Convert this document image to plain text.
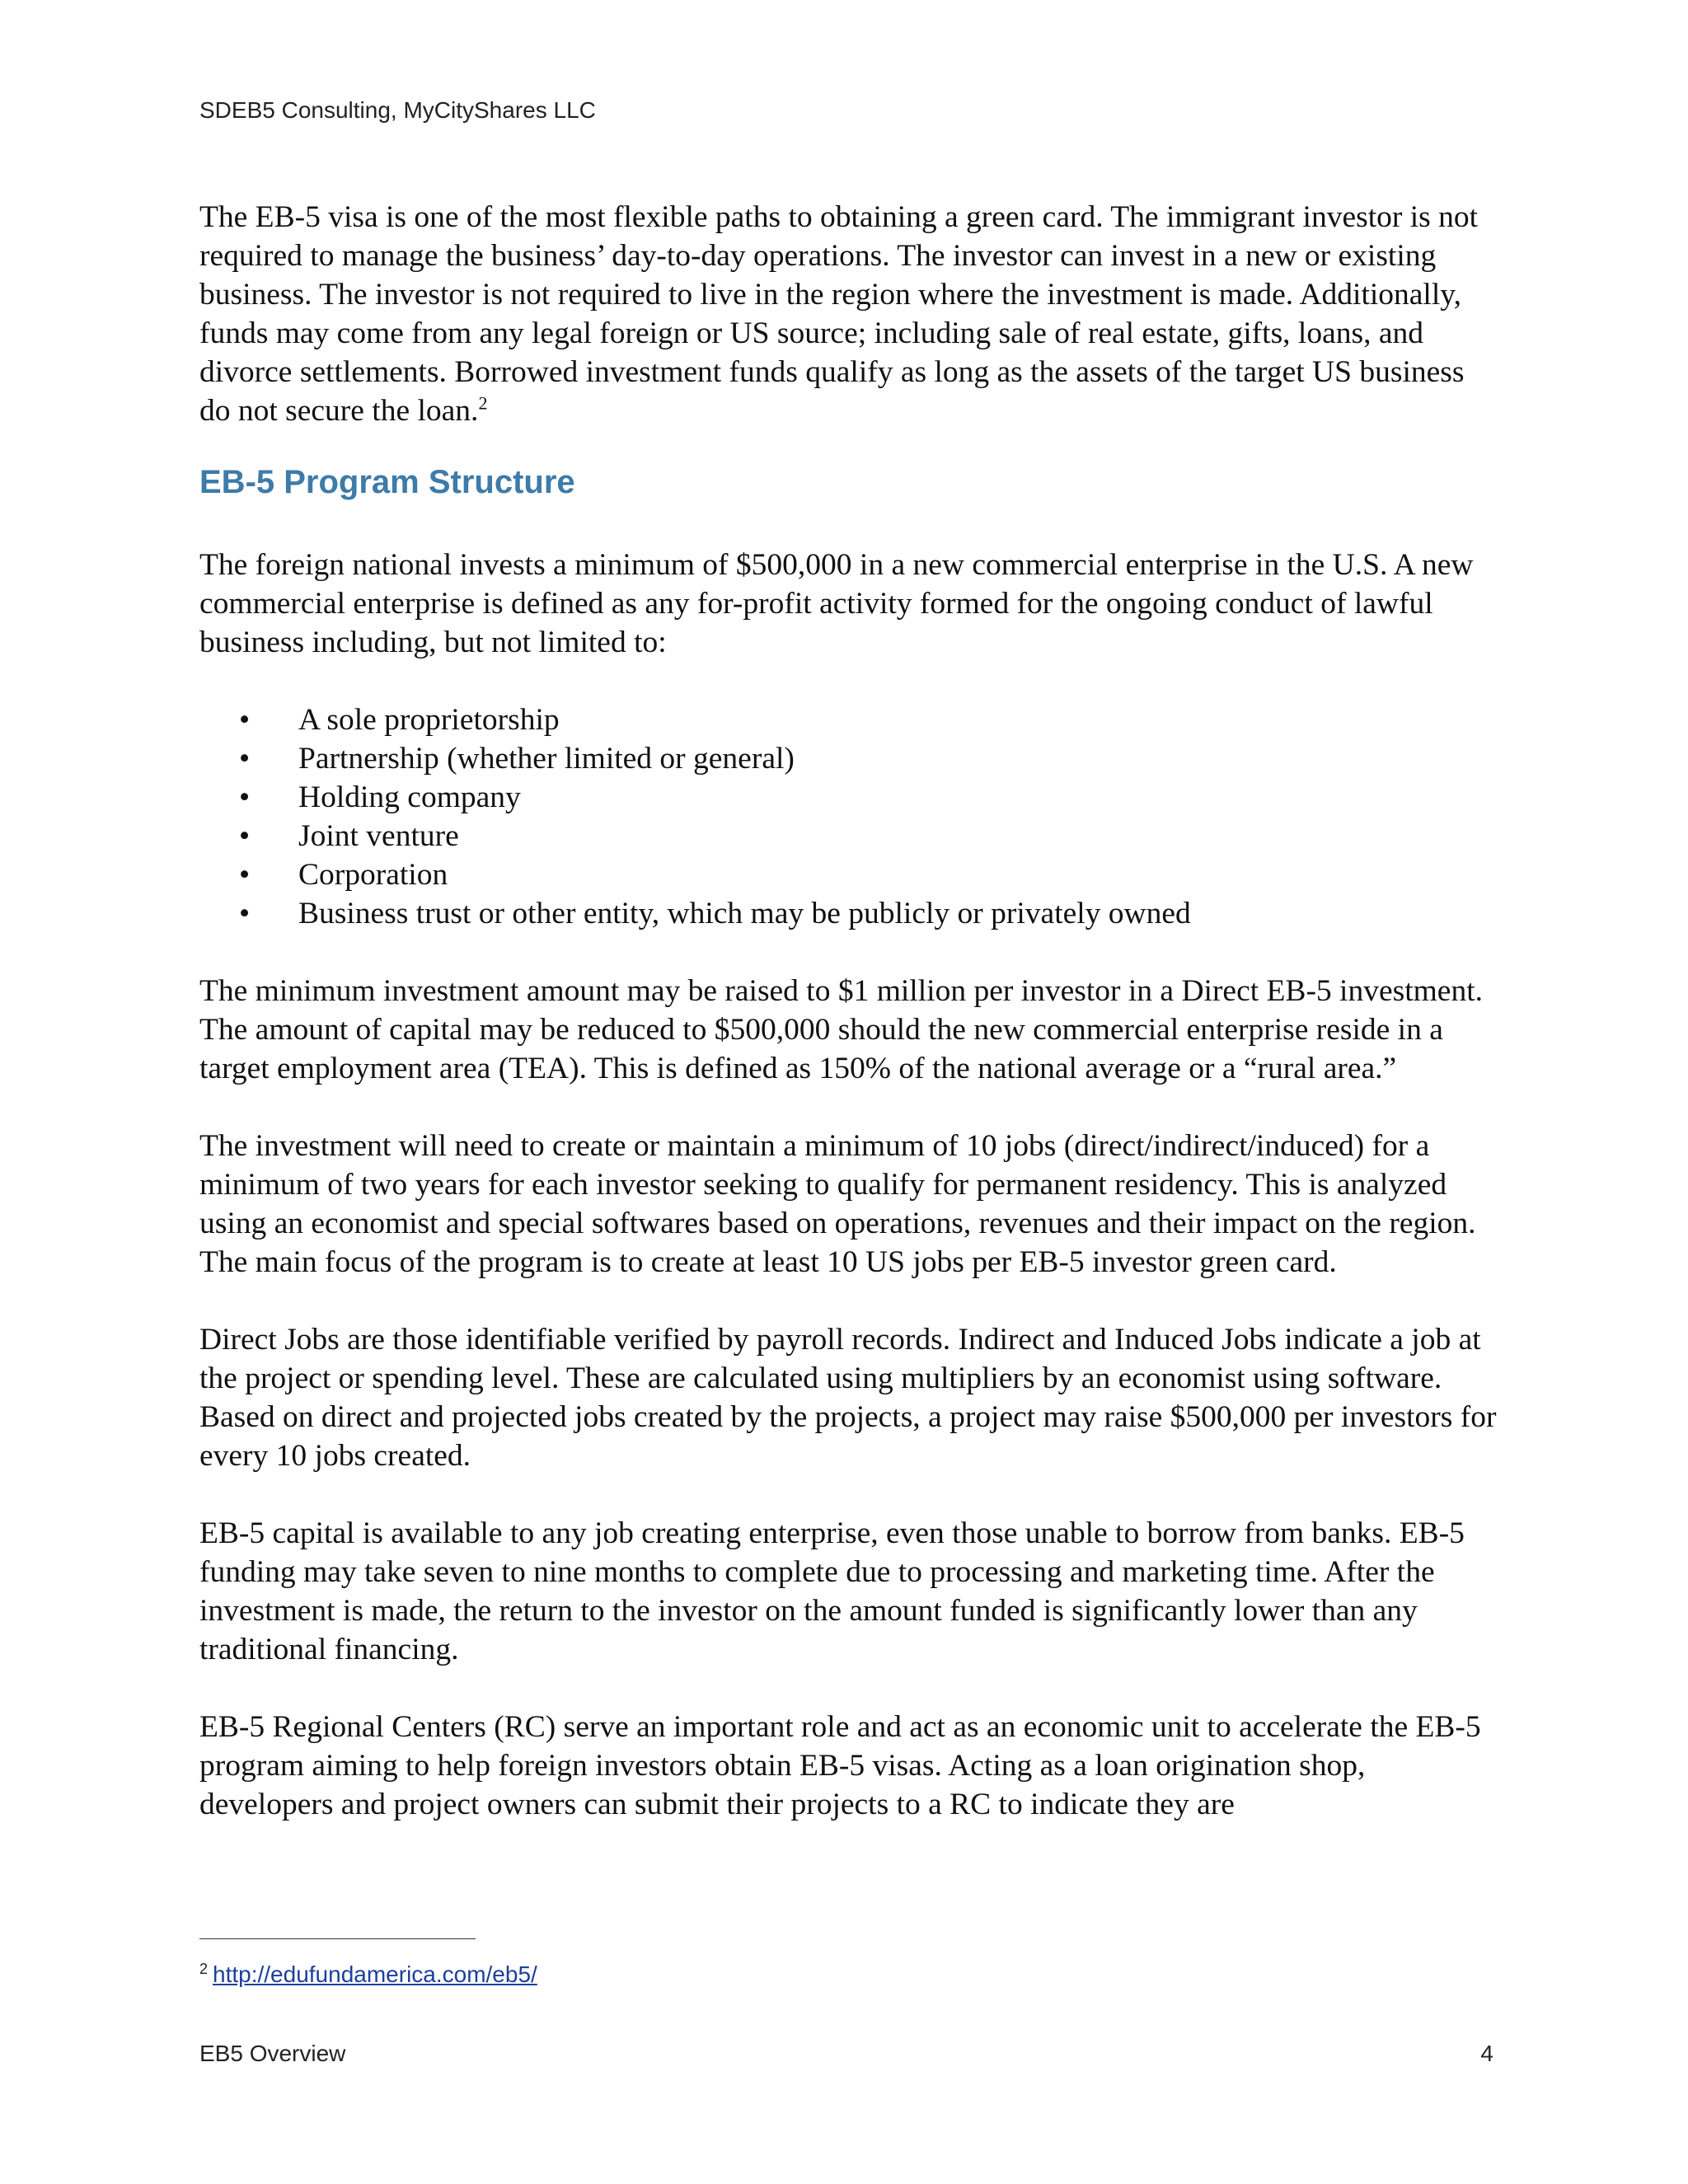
SDEB5 Consulting, MyCityShares LLC

The EB-5 visa is one of the most flexible paths to obtaining a green card. The immigrant investor is not required to manage the business’ day-to-day operations. The investor can invest in a new or existing business. The investor is not required to live in the region where the investment is made. Additionally, funds may come from any legal foreign or US source; including sale of real estate, gifts, loans, and divorce settlements. Borrowed investment funds qualify as long as the assets of the target US business do not secure the loan.$^2$

EB-5 Program Structure

The foreign national invests a minimum of $500,000 in a new commercial enterprise in the U.S. A new commercial enterprise is defined as any for-profit activity formed for the ongoing conduct of lawful business including, but not limited to:

• A sole proprietorship
• Partnership (whether limited or general)
• Holding company
• Joint venture
• Corporation
• Business trust or other entity, which may be publicly or privately owned

The minimum investment amount may be raised to $1 million per investor in a Direct EB-5 investment. The amount of capital may be reduced to $500,000 should the new commercial enterprise reside in a target employment area (TEA). This is defined as 150% of the national average or a “rural area.”

The investment will need to create or maintain a minimum of 10 jobs (direct/indirect/induced) for a minimum of two years for each investor seeking to qualify for permanent residency. This is analyzed using an economist and special softwares based on operations, revenues and their impact on the region. The main focus of the program is to create at least 10 US jobs per EB-5 investor green card.

Direct Jobs are those identifiable verified by payroll records. Indirect and Induced Jobs indicate a job at the project or spending level. These are calculated using multipliers by an economist using software. Based on direct and projected jobs created by the projects, a project may raise $500,000 per investors for every 10 jobs created.

EB-5 capital is available to any job creating enterprise, even those unable to borrow from banks. EB-5 funding may take seven to nine months to complete due to processing and marketing time. After the investment is made, the return to the investor on the amount funded is significantly lower than any traditional financing.

EB-5 Regional Centers (RC) serve an important role and act as an economic unit to accelerate the EB-5 program aiming to help foreign investors obtain EB-5 visas. Acting as a loan origination shop, developers and project owners can submit their projects to a RC to indicate they are

$^2$ http://edufundamerica.com/eb5/
EB5 Overview	4
